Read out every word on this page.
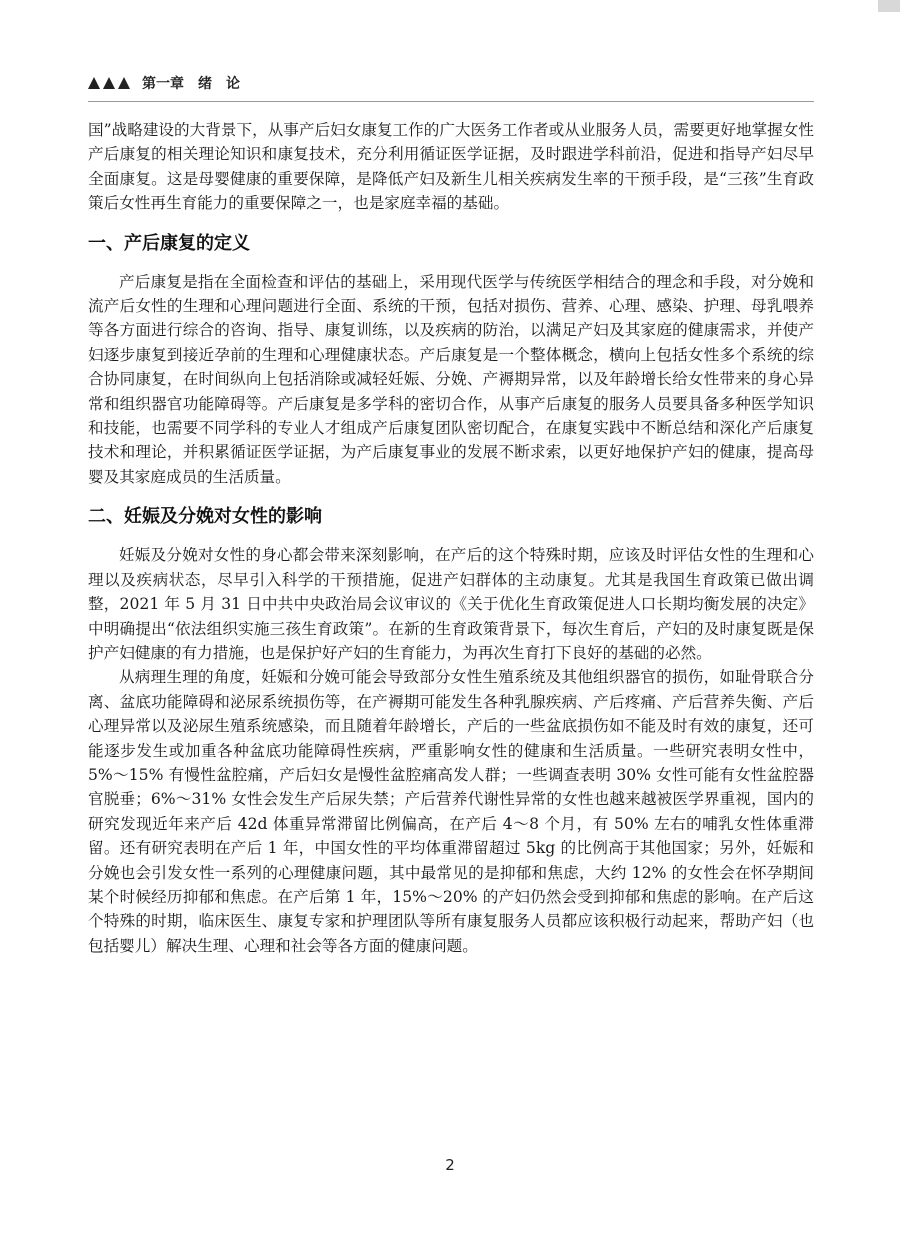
第一章 绪论

国”战略建设的大背景下，从事产后妇女康复工作的广大医务工作者或从业服务人员，需要更好地掌握女性产后康复的相关理论知识和康复技术，充分利用循证医学证据，及时跟进学科前沿，促进和指导产妇尽早全面康复。这是母婴健康的重要保障，是降低产妇及新生儿相关疾病发生率的干预手段，是“三孩”生育政策后女性再生育能力的重要保障之一，也是家庭幸福的基础。

一、产后康复的定义

产后康复是指在全面检查和评估的基础上，采用现代医学与传统医学相结合的理念和手段，对分娩和流产后女性的生理和心理问题进行全面、系统的干预，包括对损伤、营养、心理、感染、护理、母乳喂养等各方面进行综合的咨询、指导、康复训练，以及疾病的防治，以满足产妇及其家庭的健康需求，并使产妇逐步康复到接近孕前的生理和心理健康状态。产后康复是一个整体概念，横向上包括女性多个系统的综合协同康复，在时间纵向上包括消除或减轻妊娠、分娩、产褥期异常，以及年龄增长给女性带来的身心异常和组织器官功能障碍等。产后康复是多学科的密切合作，从事产后康复的服务人员要具备多种医学知识和技能，也需要不同学科的专业人才组成产后康复团队密切配合，在康复实践中不断总结和深化产后康复技术和理论，并积累循证医学证据，为产后康复事业的发展不断求索，以更好地保护产妇的健康，提高母婴及其家庭成员的生活质量。

二、妊娠及分娩对女性的影响

妊娠及分娩对女性的身心都会带来深刻影响，在产后的这个特殊时期，应该及时评估女性的生理和心理以及疾病状态，尽早引入科学的干预措施，促进产妇群体的主动康复。尤其是我国生育政策已做出调整，2021 年 5 月 31 日中共中央政治局会议审议的《关于优化生育政策促进人口长期均衡发展的决定》中明确提出“依法组织实施三孩生育政策”。在新的生育政策背景下，每次生育后，产妇的及时康复既是保护产妇健康的有力措施，也是保护好产妇的生育能力，为再次生育打下良好的基础的必然。

从病理生理的角度，妊娠和分娩可能会导致部分女性生殖系统及其他组织器官的损伤，如耻骨联合分离、盆底功能障碍和泌尿系统损伤等，在产褥期可能发生各种乳腺疾病、产后疼痛、产后营养失衡、产后心理异常以及泌尿生殖系统感染，而且随着年龄增长，产后的一些盆底损伤如不能及时有效的康复，还可能逐步发生或加重各种盆底功能障碍性疾病，严重影响女性的健康和生活质量。一些研究表明女性中，5%～15% 有慢性盆腔痛，产后妇女是慢性盆腔痛高发人群；一些调查表明 30% 女性可能有女性盆腔器官脱垂；6%～31% 女性会发生产后尿失禁；产后营养代谢性异常的女性也越来越被医学界重视，国内的研究发现近年来产后 42d 体重异常滞留比例偏高，在产后 4～8 个月，有 50% 左右的哺乳女性体重滞留。还有研究表明在产后 1 年，中国女性的平均体重滞留超过 5kg 的比例高于其他国家；另外，妊娠和分娩也会引发女性一系列的心理健康问题，其中最常见的是抑郁和焦虑，大约 12% 的女性会在怀孕期间某个时候经历抑郁和焦虑。在产后第 1 年，15%～20% 的产妇仍然会受到抑郁和焦虑的影响。在产后这个特殊的时期，临床医生、康复专家和护理团队等所有康复服务人员都应该积极行动起来，帮助产妇（也包括婴儿）解决生理、心理和社会等各方面的健康问题。

2
